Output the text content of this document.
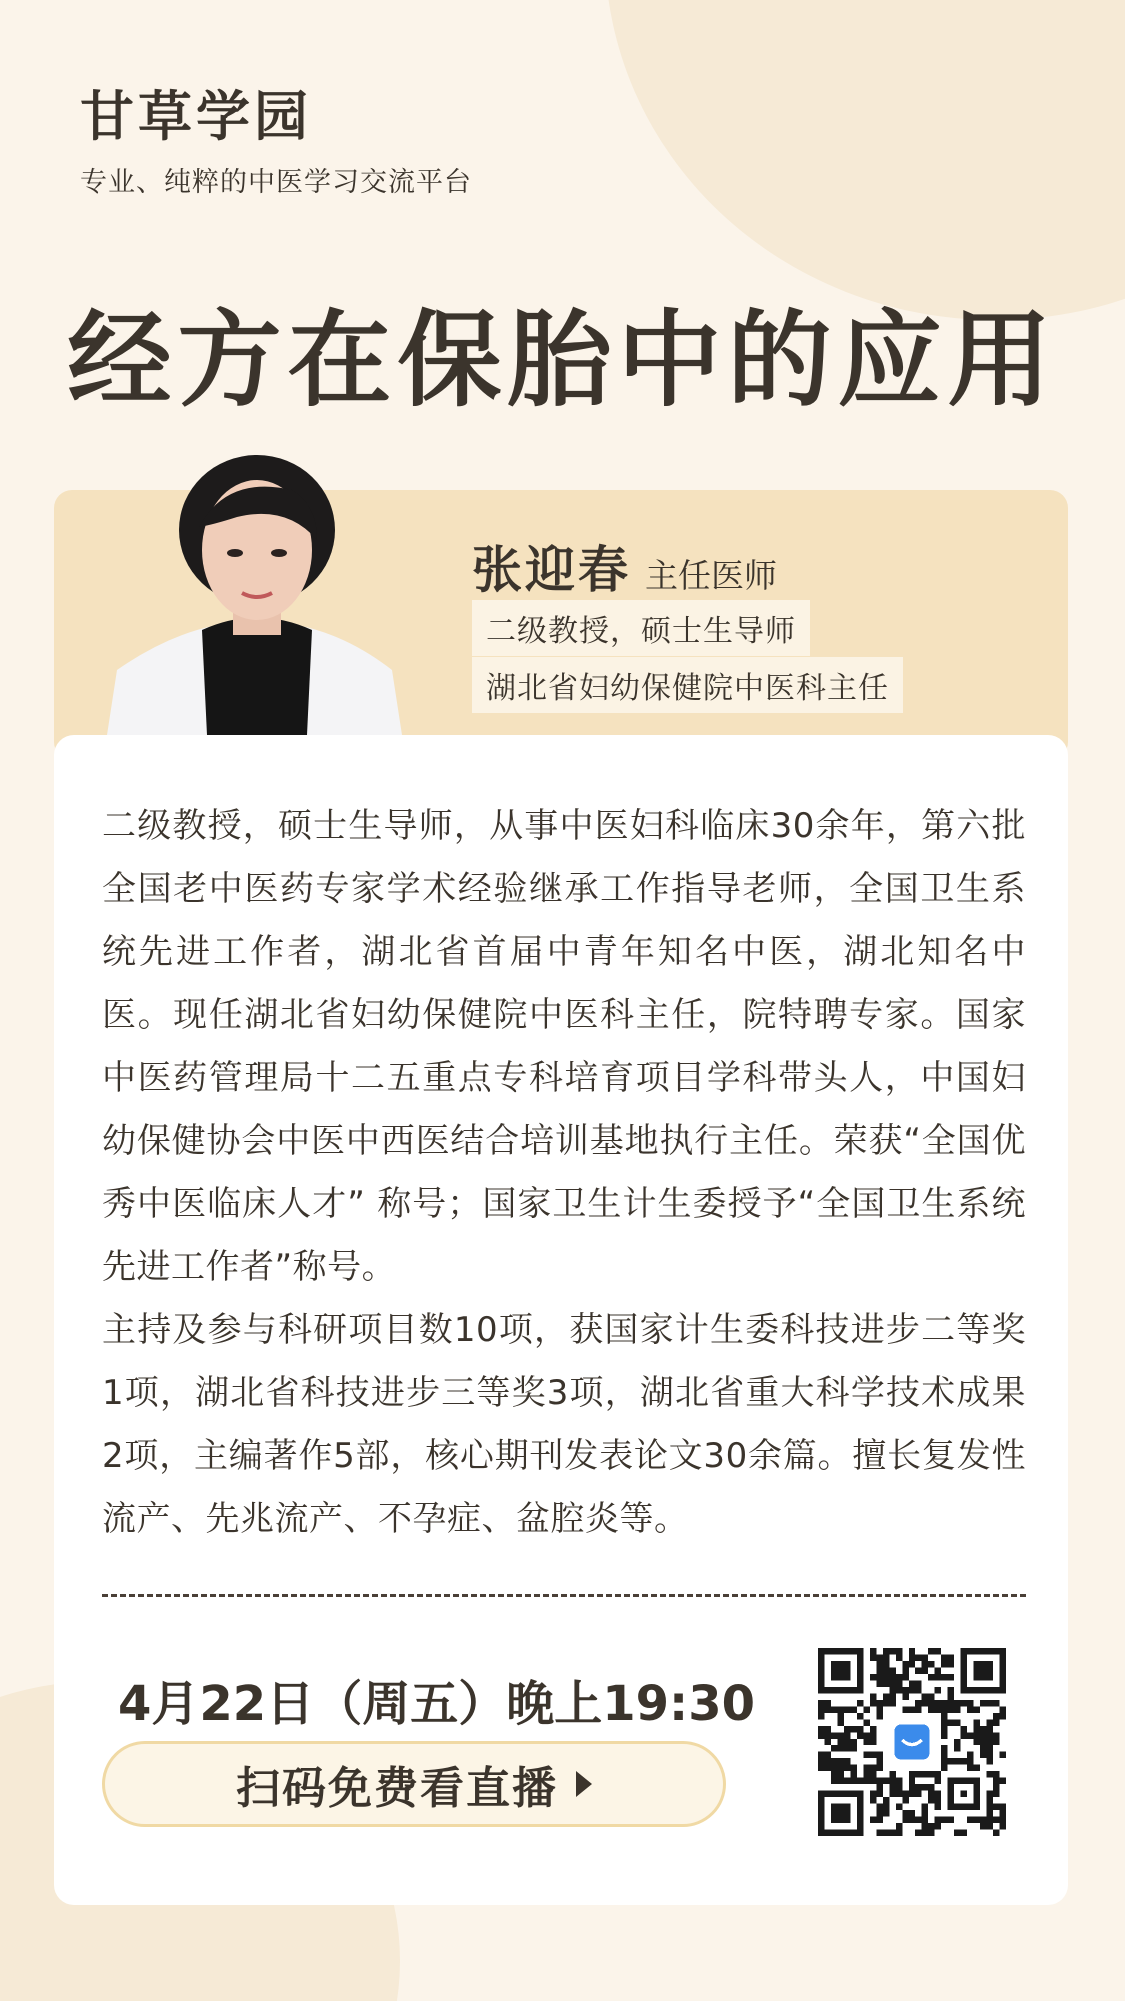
甘草学园
专业、纯粹的中医学习交流平台
经方在保胎中的应用
张迎春 主任医师
二级教授，硕士生导师
湖北省妇幼保健院中医科主任

二级教授，硕士生导师，从事中医妇科临床30余年，第六批全国老中医药专家学术经验继承工作指导老师，全国卫生系统先进工作者，湖北省首届中青年知名中医，湖北知名中医。现任湖北省妇幼保健院中医科主任，院特聘专家。国家中医药管理局十二五重点专科培育项目学科带头人，中国妇幼保健协会中医中西医结合培训基地执行主任。荣获“全国优秀中医临床人才” 称号；国家卫生计生委授予“全国卫生系统先进工作者”称号。

主持及参与科研项目数10项，获国家计生委科技进步二等奖1项，湖北省科技进步三等奖3项，湖北省重大科学技术成果2项，主编著作5部，核心期刊发表论文30余篇。擅长复发性流产、先兆流产、不孕症、盆腔炎等。

4月22日（周五）晚上19:30
扫码免费看直播
